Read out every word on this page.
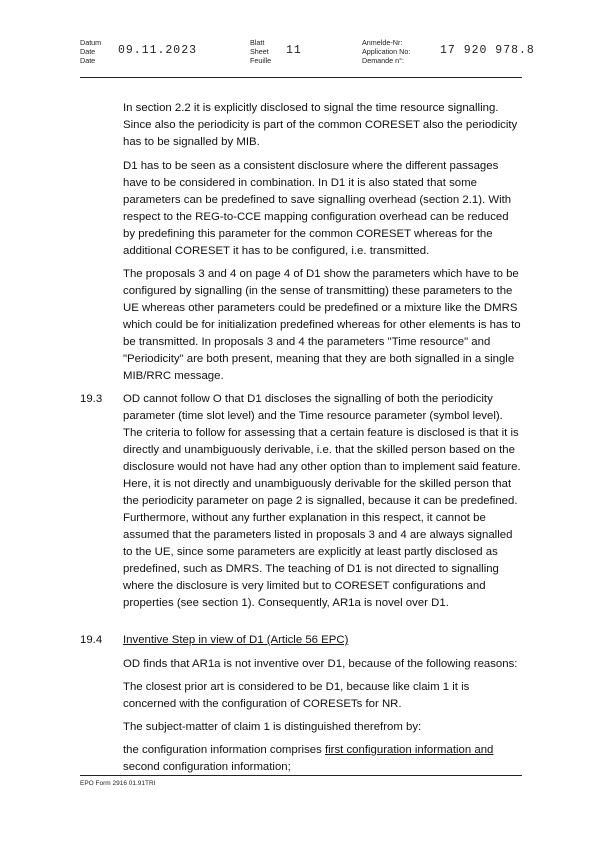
Datum
Date
Date
09.11.2023
Blatt
Sheet
Feuille
11
Anmelde-Nr:
Application No:
Demande n°:
17 920 978.8

In section 2.2 it is explicitly disclosed to signal the time resource signalling. Since also the periodicity is part of the common CORESET also the periodicity has to be signalled by MIB.

D1 has to be seen as a consistent disclosure where the different passages have to be considered in combination. In D1 it is also stated that some parameters can be predefined to save signalling overhead (section 2.1). With respect to the REG-to-CCE mapping configuration overhead can be reduced by predefining this parameter for the common CORESET whereas for the additional CORESET it has to be configured, i.e. transmitted.

The proposals 3 and 4 on page 4 of D1 show the parameters which have to be configured by signalling (in the sense of transmitting) these parameters to the UE whereas other parameters could be predefined or a mixture like the DMRS which could be for initialization predefined whereas for other elements is has to be transmitted. In proposals 3 and 4 the parameters "Time resource" and "Periodicity" are both present, meaning that they are both signalled in a single MIB/RRC message.

19.3 OD cannot follow O that D1 discloses the signalling of both the periodicity parameter (time slot level) and the Time resource parameter (symbol level). The criteria to follow for assessing that a certain feature is disclosed is that it is directly and unambiguously derivable, i.e. that the skilled person based on the disclosure would not have had any other option than to implement said feature. Here, it is not directly and unambiguously derivable for the skilled person that the periodicity parameter on page 2 is signalled, because it can be predefined. Furthermore, without any further explanation in this respect, it cannot be assumed that the parameters listed in proposals 3 and 4 are always signalled to the UE, since some parameters are explicitly at least partly disclosed as predefined, such as DMRS. The teaching of D1 is not directed to signalling where the disclosure is very limited but to CORESET configurations and properties (see section 1). Consequently, AR1a is novel over D1.

19.4 Inventive Step in view of D1 (Article 56 EPC)

OD finds that AR1a is not inventive over D1, because of the following reasons:

The closest prior art is considered to be D1, because like claim 1 it is concerned with the configuration of CORESETs for NR.

The subject-matter of claim 1 is distinguished therefrom by:

the configuration information comprises first configuration information and second configuration information;

EPO Form 2916 01.91TRI
